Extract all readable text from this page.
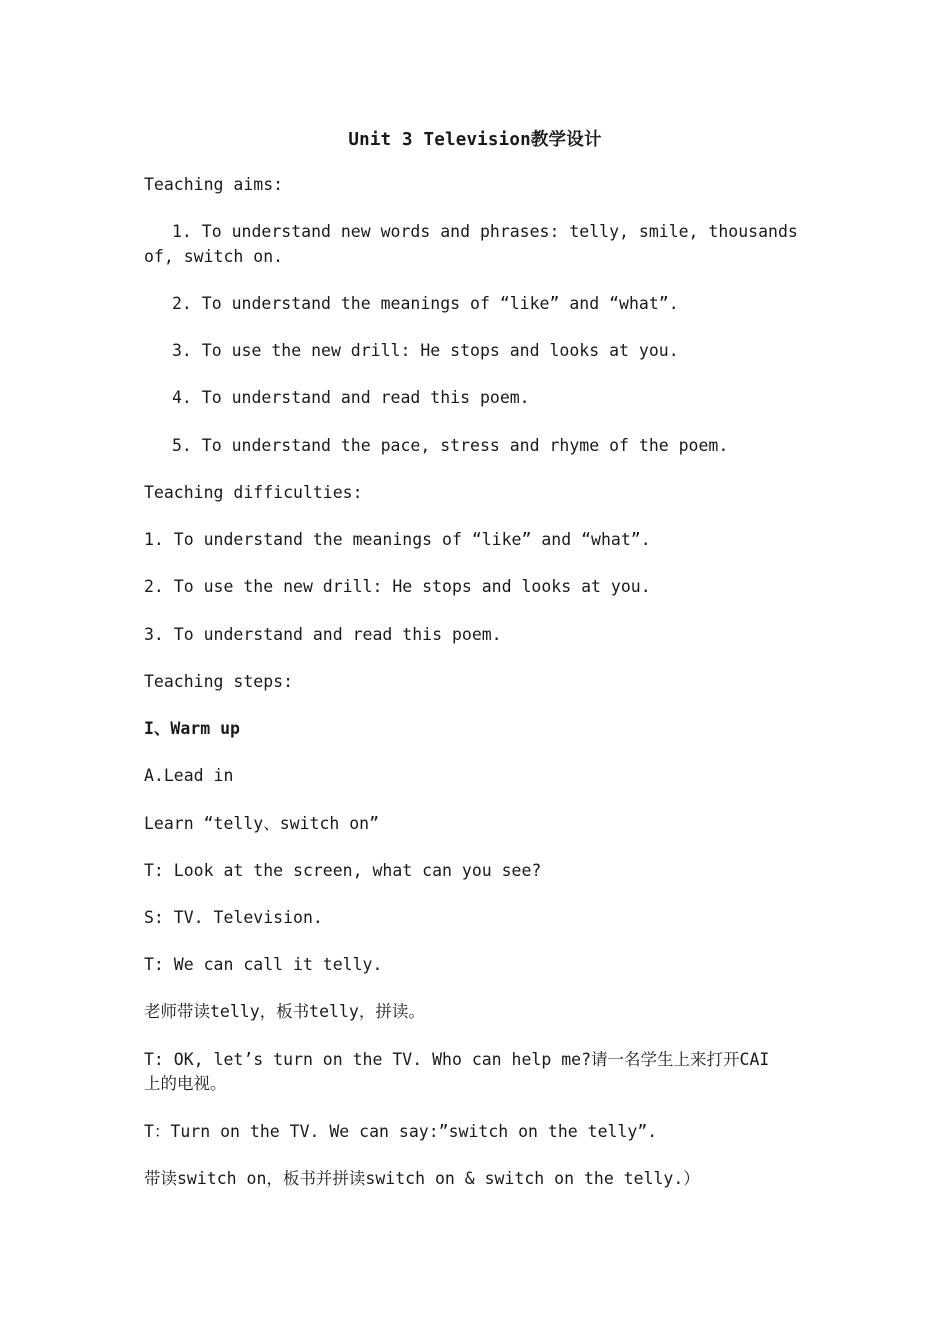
Unit 3 Television教学设计
Teaching aims:
1. To understand new words and phrases: telly, smile, thousands
of, switch on.
2. To understand the meanings of “like” and “what”.
3. To use the new drill: He stops and looks at you.
4. To understand and read this poem.
5. To understand the pace, stress and rhyme of the poem.
Teaching difficulties:
1. To understand the meanings of “like” and “what”.
2. To use the new drill: He stops and looks at you.
3. To understand and read this poem.
Teaching steps:
I、Warm up
A.Lead in
Learn “telly、switch on”
T: Look at the screen, what can you see?
S: TV. Television.
T: We can call it telly.
老师带读telly，板书telly，拼读。
T: OK, let’s turn on the TV. Who can help me?请一名学生上来打开CAI
上的电视。
T：Turn on the TV. We can say:”switch on the telly”.
带读switch on，板书并拼读switch on & switch on the telly.）
